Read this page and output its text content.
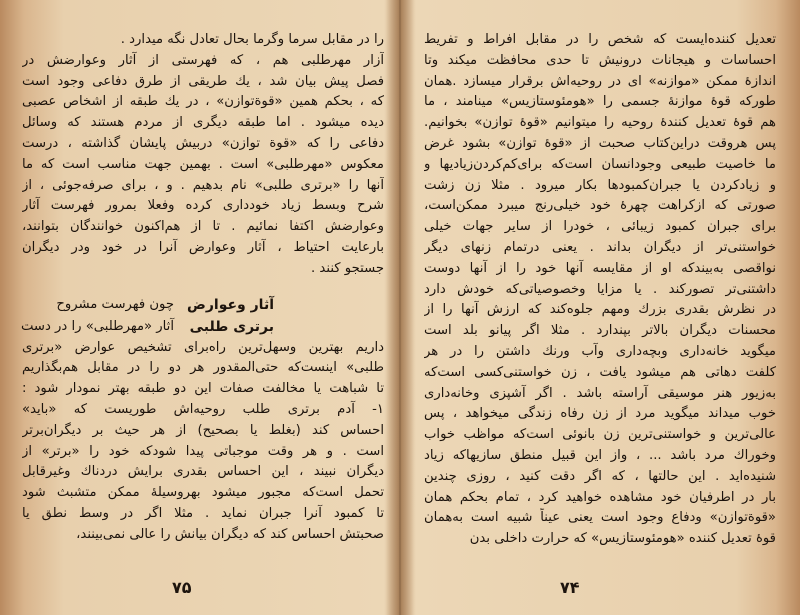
را در مقابل سرما وگرما بحال تعادل نگه میدارد .
آزار مهرطلبی هم ، که فهرستی از آثار وعوارضش در
فصل پیش بیان شد ، یك طریقی از طرق دفاعی وجود است
که ، بحکم همین «قوةتوازن» ، در یك طبقه از اشخاص عصبی
دیده میشود . اما طبقه دیگری از مردم هستند که وسائل
دفاعی را که «قوة توازن» دربیش پایشان گذاشته ، درست
معکوس «مهرطلبی» است . بهمین جهت مناسب است که ما
آنها را «برتری طلبی» نام بدهیم . و ، برای صرفه‌جوئی ، از
شرح وبسط زیاد خودداری کرده وفعلا بمرور فهرست آثار
وعوارضش اکتفا نمائیم . تا از هم‌اکنون خوانندگان بتوانند،
بارعایت احتیاط ، آثار وعوارض آنرا در خود ودر دیگران
جستجو کنند .
آثار وعوارض
برتری طلبی
چون فهرست مشروح
آثار «مهرطلبی» را در دست
داریم بهترین وسهل‌ترین راه‌برای تشخیص عوارض «برتری
طلبی» اینست‌که حتی‌المقدور هر دو را در مقابل هم‌بگذاریم
تا شباهت یا مخالفت صفات این دو طبقه بهتر نمودار شود :
۱- آدم برتری طلب روحیه‌اش طوریست که «باید»
احساس کند (بغلط یا بصحیح) از هر حیث بر دیگران‌برتر
است . و هر وقت موجباتی پیدا شودکه خود را «برتر» از
دیگران نبیند ، این احساس بقدری برایش دردناك وغیرقابل
تحمل است‌که مجبور میشود بهروسیلهٔ ممکن متشبث شود
تا کمبود آنرا جبران نماید . مثلا اگر در وسط نطق یا
صحبتش احساس کند که دیگران بیانش را عالی نمی‌بینند،
۷۵
تعدیل کننده‌ایست که شخص را در مقابل افراط و تفریط
احساسات و هیجانات درونیش تا حدی محافظت میکند وتا
اندازهٔ ممکن «موازنه» ای در روحیه‌اش برقرار میسازد .همان
طورکه قوهٔ موازنهٔ جسمی را «هومئوستازیس» مینامند ، ما
هم قوهٔ تعدیل کنندهٔ روحیه را میتوانیم «قوهٔ توازن» بخوانیم.
پس هروقت دراین‌کتاب صحبت از «قوهٔ توازن» بشود غرض
ما خاصیت طبیعی وجودانسان است‌که برای‌کم‌کردن‌زیادیها و
و زیادکردن یا جبران‌کمبودها بکار میرود . مثلا زن زشت
صورتی که ازکراهت چهرهٔ خود خیلی‌رنج میبرد ممکن‌است،
برای جبران کمبود زیبائی ، خودرا از سایر جهات خیلی
خواستنی‌تر از دیگران بداند . یعنی درتمام زنهای دیگر
نواقصی به‌بیندکه او از مقایسه آنها خود را از آنها دوست
داشتنی‌تر تصورکند . یا مزایا وخصوصیاتی‌که خودش دارد
در نظرش بقدری بزرك ومهم جلوه‌کند که ارزش آنها را از
محسنات دیگران بالاتر بپندارد . مثلا اگر پیانو بلد است
میگوید خانه‌داری وبچه‌داری وآب ورنك داشتن را در هر
کلفت دهاتی هم میشود یافت ، زن خواستنی‌کسی است‌که
به‌زیور هنر موسیقی آراسته باشد . اگر آشپزی وخانه‌داری
خوب میداند میگوید مرد از زن رفاه زندگی میخواهد ، پس
عالی‌ترین و خواستنی‌ترین زن بانوئی است‌که مواظب خواب
وخوراك مرد باشد ... ، واز این قبیل منطق سازیهاکه زیاد
شنیده‌اید . این حالتها ، که اگر دقت کنید ، روزی چندین
بار در اطرفیان خود مشاهده خواهید کرد ، تمام بحکم همان
«قوةتوازن» ودفاع وجود است یعنی عیناً شبیه است به‌همان
قوهٔ تعدیل کننده «هومئوستازیس» که حرارت داخلی بدن
۷۴
